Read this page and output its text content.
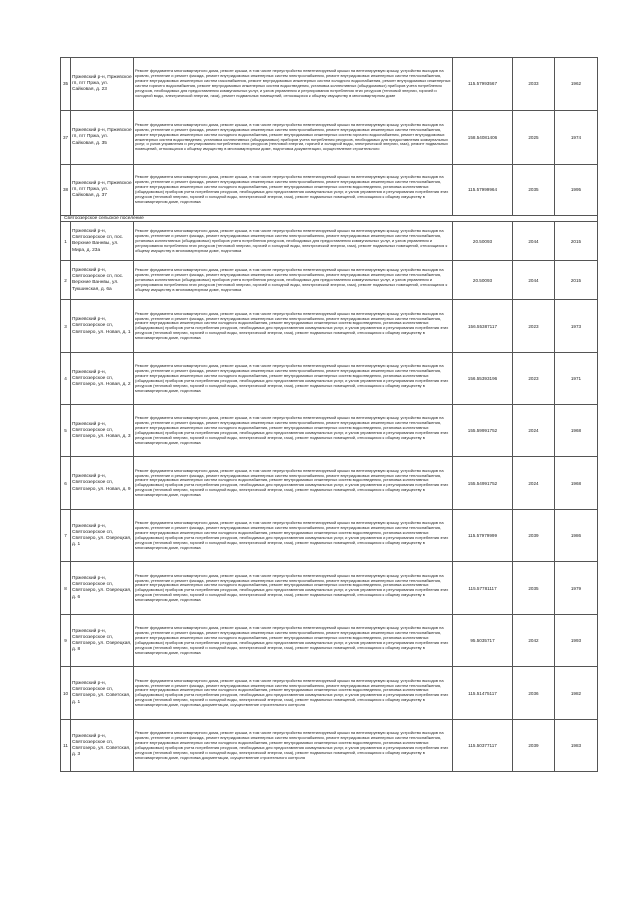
35	Пржевский р-н, Пржевское гп, пгт Пржа, ул. Сайковая, д. 23	Ремонт фундамента многоквартирного дома, ремонт крыши, в том числе переустройство невентилируемой крыши на вентилируемую крышу, устройство выходов на кровлю, утепление и ремонт фасада, ремонт внутридомовых инженерных систем электроснабжения, ремонт внутридомовых инженерных систем теплоснабжения, ремонт внутридомовых инженерных систем газоснабжения, ремонт внутридомовых инженерных систем холодного водоснабжения, ремонт внутридомовых инженерных систем горячего водоснабжения, ремонт внутридомовых инженерных систем водоотведения, установка коллективных (общедомовых) приборов учета потребления ресурсов, необходимых для предоставления коммунальных услуг, и узлов управления и регулирования потребления этих ресурсов (тепловой энергии, горячей и холодной воды, электрической энергии, газа), ремонт подвальных помещений, относящихся к общему имуществу в многоквартирном доме	115.57993567	2033	1962
37	Пржевский р-н, Пржевское гп, пгт Пржа, ул. Сайковая, д. 35	Ремонт фундамента многоквартирного дома, ремонт крыши, в том числе переустройство невентилируемой крыши на вентилируемую крышу, устройство выходов на кровлю, утепление и ремонт фасада, ремонт внутридомовых инженерных систем электроснабжения, ремонт внутридомовых инженерных систем теплоснабжения, ремонт внутридомовых инженерных систем холодного водоснабжения, ремонт внутридомовых инженерных систем горячего водоснабжения, ремонт внутридомовых инженерных систем водоотведения, установка коллективных (общедомовых) приборов учета потребления ресурсов, необходимых для предоставления коммунальных услуг, и узлов управления и регулирования потребления этих ресурсов (тепловой энергии, горячей и холодной воды, электрической энергии, газа), ремонт подвальных помещений, относящихся к общему имуществу в многоквартирном доме, подготовка документации, осуществление строительного	158.54081406	2025	1974
38	Пржевский р-н, Пржевское гп, пгт Пржа, ул. Сайковая, д. 37	Ремонт фундамента многоквартирного дома, ремонт крыши, в том числе переустройство невентилируемой крыши на вентилируемую крышу, устройство выходов на кровлю, утепление и ремонт фасада, ремонт внутридомовых инженерных систем электроснабжения, ремонт внутридомовых инженерных систем теплоснабжения, ремонт внутридомовых инженерных систем холодного водоснабжения, ремонт внутридомовых инженерных систем водоотведения, установка коллективных (общедомовых) приборов учета потребления ресурсов, необходимых для предоставления коммунальных услуг, и узлов управления и регулирования потребления этих ресурсов (тепловой энергии, горячей и холодной воды, электрической энергии, газа), ремонт подвальных помещений, относящихся к общему имуществу в многоквартирном доме, подготовка	115.57999964	2035	1995
Святоозерское сельское поселение					
1	Пржевский р-н, Святоозерское сп, пос. Верхние Ваннвы, ул. Мира, д. 23а	Ремонт фундамента многоквартирного дома, ремонт крыши, в том числе переустройство невентилируемой крыши на вентилируемую крышу, устройство выходов на кровлю, утепление и ремонт фасада, ремонт внутридомовых инженерных систем электроснабжения, ремонт внутридомовых инженерных систем теплоснабжения, установка коллективных (общедомовых) приборов учета потребления ресурсов, необходимых для предоставления коммунальных услуг, и узлов управления и регулирования потребления этих ресурсов (тепловой энергии, горячей и холодной воды, электрической энергии, газа), ремонт подвальных помещений, относящихся к общему имуществу в многоквартирном доме, подготовка	20.50093	2044	2015
2	Пржевский р-н, Святоозерское сп, пос. Верхние Ваннвы, ул. Тукшинская, д. 6а	Ремонт фундамента многоквартирного дома, ремонт крыши, в том числе переустройство невентилируемой крыши на вентилируемую крышу, устройство выходов на кровлю, утепление и ремонт фасада, ремонт внутридомовых инженерных систем электроснабжения, ремонт внутридомовых инженерных систем теплоснабжения, установка коллективных (общедомовых) приборов учета потребления ресурсов, необходимых для предоставления коммунальных услуг, и узлов управления и регулирования потребления этих ресурсов (тепловой энергии, горячей и холодной воды, электрической энергии, газа), ремонт подвальных помещений, относящихся к общему имуществу в многоквартирном доме, подготовка	20.50093	2044	2015
3	Пржевский р-н, Святоозерское сп, Святозеро, ул. Новая, д. 1	Ремонт фундамента многоквартирного дома, ремонт крыши, в том числе переустройство невентилируемой крыши на вентилируемую крышу, устройство выходов на кровлю, утепление и ремонт фасада, ремонт внутридомовых инженерных систем электроснабжения, ремонт внутридомовых инженерных систем теплоснабжения, ремонт внутридомовых инженерных систем холодного водоснабжения, ремонт внутридомовых инженерных систем водоотведения, установка коллективных (общедомовых) приборов учета потребления ресурсов, необходимых для предоставления коммунальных услуг, и узлов управления и регулирования потребления этих ресурсов (тепловой энергии, горячей и холодной воды, электрической энергии, газа), ремонт подвальных помещений, относящихся к общему имуществу в многоквартирном доме, подготовка	156.55387117	2023	1973
4	Пржевский р-н, Святоозерское сп, Святозеро, ул. Новая, д. 2	Ремонт фундамента многоквартирного дома, ремонт крыши, в том числе переустройство невентилируемой крыши на вентилируемую крышу, устройство выходов на кровлю, утепление и ремонт фасада, ремонт внутридомовых инженерных систем электроснабжения, ремонт внутридомовых инженерных систем теплоснабжения, ремонт внутридомовых инженерных систем холодного водоснабжения, ремонт внутридомовых инженерных систем водоотведения, установка коллективных (общедомовых) приборов учета потребления ресурсов, необходимых для предоставления коммунальных услуг, и узлов управления и регулирования потребления этих ресурсов (тепловой энергии, горячей и холодной воды, электрической энергии, газа), ремонт подвальных помещений, относящихся к общему имуществу в многоквартирном доме, подготовка	156.55393196	2023	1971
5	Пржевский р-н, Святоозерское сп, Святозеро, ул. Новая, д. 3	Ремонт фундамента многоквартирного дома, ремонт крыши, в том числе переустройство невентилируемой крыши на вентилируемую крышу, устройство выходов на кровлю, утепление и ремонт фасада, ремонт внутридомовых инженерных систем электроснабжения, ремонт внутридомовых инженерных систем теплоснабжения, ремонт внутридомовых инженерных систем холодного водоснабжения, ремонт внутридомовых инженерных систем водоотведения, установка коллективных (общедомовых) приборов учета потребления ресурсов, необходимых для предоставления коммунальных услуг, и узлов управления и регулирования потребления этих ресурсов (тепловой энергии, горячей и холодной воды, электрической энергии, газа), ремонт подвальных помещений, относящихся к общему имуществу в многоквартирном доме, подготовка	155.59991752	2024	1968
6	Пржевский р-н, Святоозерское сп, Святозеро, ул. Новая, д. 9	Ремонт фундамента многоквартирного дома, ремонт крыши, в том числе переустройство невентилируемой крыши на вентилируемую крышу, устройство выходов на кровлю, утепление и ремонт фасада, ремонт внутридомовых инженерных систем электроснабжения, ремонт внутридомовых инженерных систем теплоснабжения, ремонт внутридомовых инженерных систем холодного водоснабжения, ремонт внутридомовых инженерных систем водоотведения, установка коллективных (общедомовых) приборов учета потребления ресурсов, необходимых для предоставления коммунальных услуг, и узлов управления и регулирования потребления этих ресурсов (тепловой энергии, горячей и холодной воды, электрической энергии, газа), ремонт подвальных помещений, относящихся к общему имуществу в многоквартирном доме, подготовка	155.54991752	2024	1968
7	Пржевский р-н, Святоозерское сп, Святозеро, ул. Озерецкая, д. 1	Ремонт фундамента многоквартирного дома, ремонт крыши, в том числе переустройство невентилируемой крыши на вентилируемую крышу, устройство выходов на кровлю, утепление и ремонт фасада, ремонт внутридомовых инженерных систем электроснабжения, ремонт внутридомовых инженерных систем теплоснабжения, ремонт внутридомовых инженерных систем холодного водоснабжения, ремонт внутридомовых инженерных систем водоотведения, установка коллективных (общедомовых) приборов учета потребления ресурсов, необходимых для предоставления коммунальных услуг, и узлов управления и регулирования потребления этих ресурсов (тепловой энергии, горячей и холодной воды, электрической энергии, газа), ремонт подвальных помещений, относящихся к общему имуществу в многоквартирном доме, подготовка	115.57979999	2039	1986
8	Пржевский р-н, Святоозерское сп, Святозеро, ул. Озерецкая, д. 6	Ремонт фундамента многоквартирного дома, ремонт крыши, в том числе переустройство невентилируемой крыши на вентилируемую крышу, устройство выходов на кровлю, утепление и ремонт фасада, ремонт внутридомовых инженерных систем электроснабжения, ремонт внутридомовых инженерных систем теплоснабжения, ремонт внутридомовых инженерных систем холодного водоснабжения, ремонт внутридомовых инженерных систем водоотведения, установка коллективных (общедомовых) приборов учета потребления ресурсов, необходимых для предоставления коммунальных услуг, и узлов управления и регулирования потребления этих ресурсов (тепловой энергии, горячей и холодной воды, электрической энергии, газа), ремонт подвальных помещений, относящихся к общему имуществу в многоквартирном доме, подготовка	115.57781117	2035	1979
9	Пржевский р-н, Святоозерское сп, Святозеро, ул. Озерецкая, д. 8	Ремонт фундамента многоквартирного дома, ремонт крыши, в том числе переустройство невентилируемой крыши на вентилируемую крышу, устройство выходов на кровлю, утепление и ремонт фасада, ремонт внутридомовых инженерных систем электроснабжения, ремонт внутридомовых инженерных систем теплоснабжения, ремонт внутридомовых инженерных систем холодного водоснабжения, ремонт внутридомовых инженерных систем водоотведения, установка коллективных (общедомовых) приборов учета потребления ресурсов, необходимых для предоставления коммунальных услуг, и узлов управления и регулирования потребления этих ресурсов (тепловой энергии, горячей и холодной воды, электрической энергии, газа), ремонт подвальных помещений, относящихся к общему имуществу в многоквартирном доме, подготовка	95.5035717	2042	1993
10	Пржевский р-н, Святоозерское сп, Святозеро, ул. Советская, д. 1	Ремонт фундамента многоквартирного дома, ремонт крыши, в том числе переустройство невентилируемой крыши на вентилируемую крышу, устройство выходов на кровлю, утепление и ремонт фасада, ремонт внутридомовых инженерных систем электроснабжения, ремонт внутридомовых инженерных систем теплоснабжения, ремонт внутридомовых инженерных систем холодного водоснабжения, ремонт внутридомовых инженерных систем водоотведения, установка коллективных (общедомовых) приборов учета потребления ресурсов, необходимых для предоставления коммунальных услуг, и узлов управления и регулирования потребления этих ресурсов (тепловой энергии, горячей и холодной воды, электрической энергии, газа), ремонт подвальных помещений, относящихся к общему имуществу в многоквартирном доме, подготовка документации, осуществление строительного контроля	115.51475117	2036	1982
11	Пржевский р-н, Святоозерское сп, Святозеро, ул. Советская, д. 3	Ремонт фундамента многоквартирного дома, ремонт крыши, в том числе переустройство невентилируемой крыши на вентилируемую крышу, устройство выходов на кровлю, утепление и ремонт фасада, ремонт внутридомовых инженерных систем электроснабжения, ремонт внутридомовых инженерных систем теплоснабжения, ремонт внутридомовых инженерных систем холодного водоснабжения, ремонт внутридомовых инженерных систем водоотведения, установка коллективных (общедомовых) приборов учета потребления ресурсов, необходимых для предоставления коммунальных услуг, и узлов управления и регулирования потребления этих ресурсов (тепловой энергии, горячей и холодной воды, электрической энергии, газа), ремонт подвальных помещений, относящихся к общему имуществу в многоквартирном доме, подготовка документации, осуществление строительного контроля	115.50377117	2039	1983
